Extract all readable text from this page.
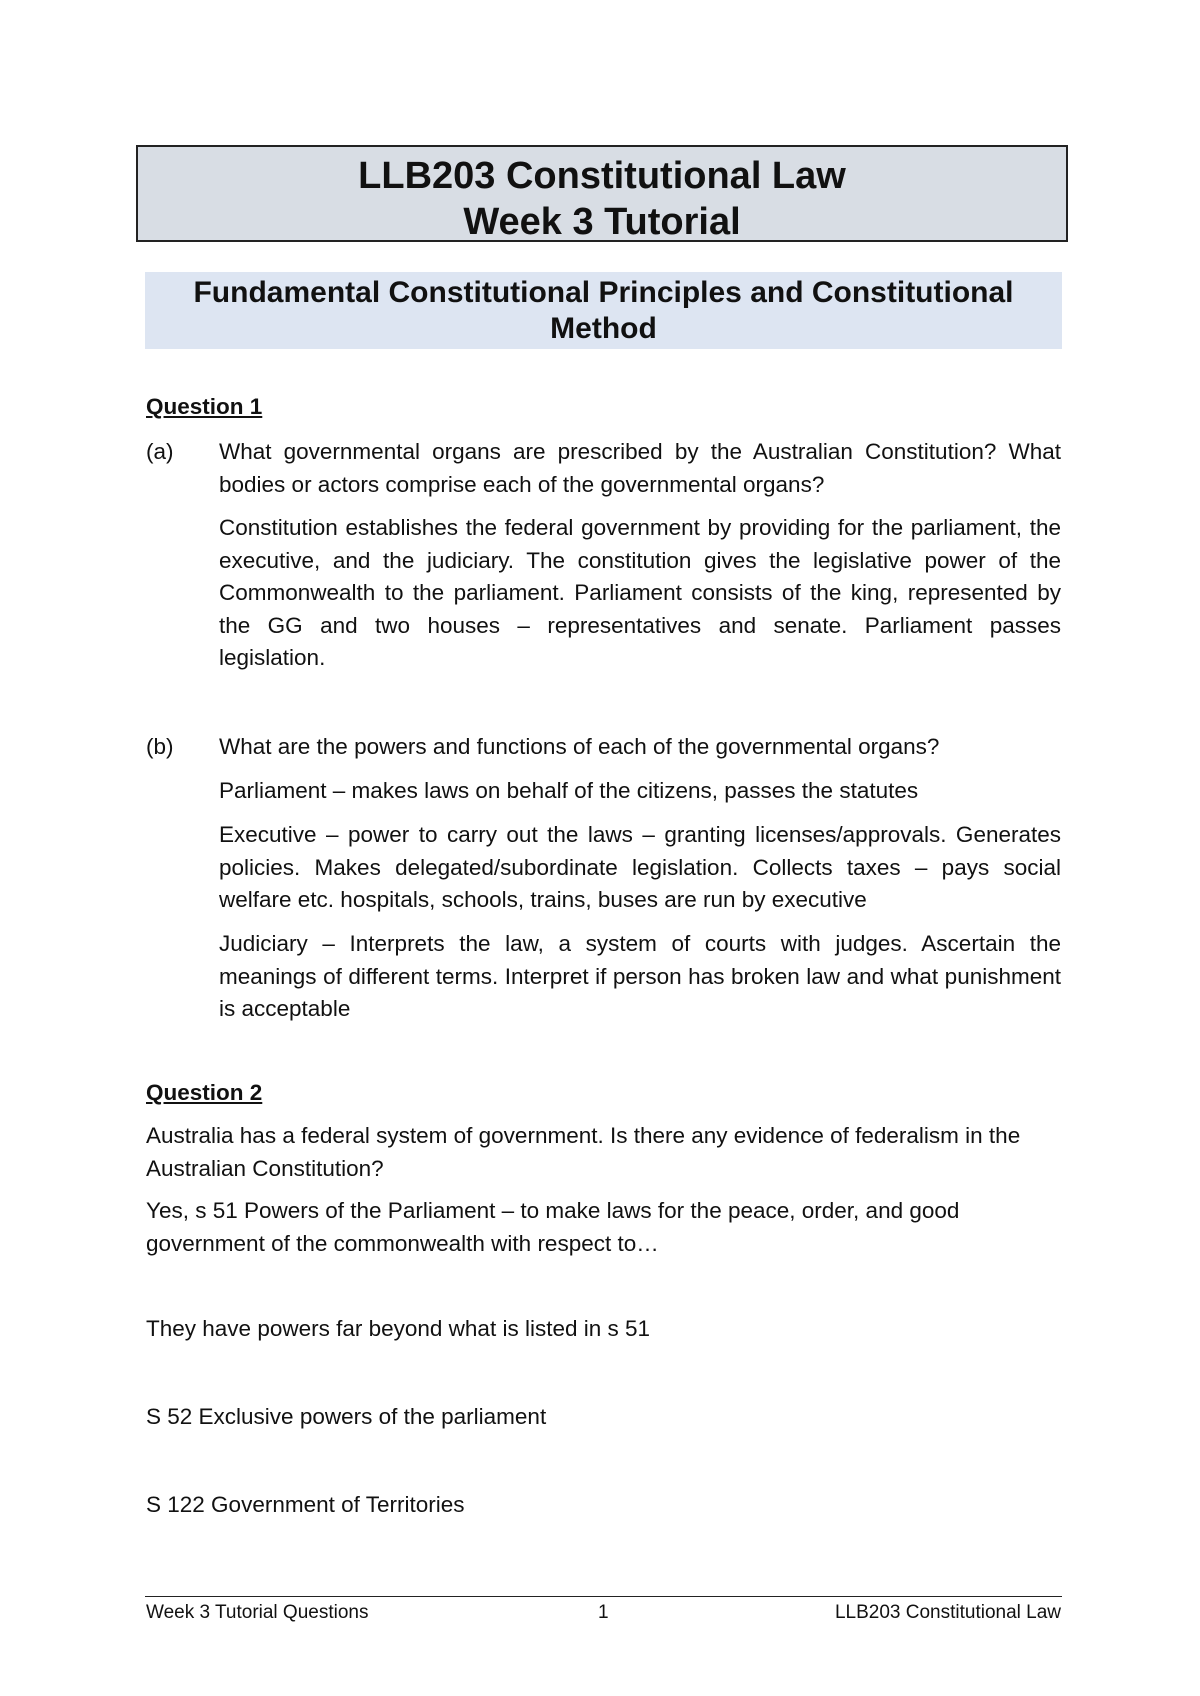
LLB203 Constitutional Law
Week 3 Tutorial
Fundamental Constitutional Principles and Constitutional Method
Question 1
(a) What governmental organs are prescribed by the Australian Constitution? What bodies or actors comprise each of the governmental organs?
Constitution establishes the federal government by providing for the parliament, the executive, and the judiciary. The constitution gives the legislative power of the Commonwealth to the parliament. Parliament consists of the king, represented by the GG and two houses – representatives and senate. Parliament passes legislation.
(b) What are the powers and functions of each of the governmental organs?
Parliament – makes laws on behalf of the citizens, passes the statutes
Executive – power to carry out the laws – granting licenses/approvals. Generates policies. Makes delegated/subordinate legislation. Collects taxes – pays social welfare etc. hospitals, schools, trains, buses are run by executive
Judiciary – Interprets the law, a system of courts with judges. Ascertain the meanings of different terms. Interpret if person has broken law and what punishment is acceptable
Question 2
Australia has a federal system of government. Is there any evidence of federalism in the Australian Constitution?
Yes, s 51 Powers of the Parliament – to make laws for the peace, order, and good government of the commonwealth with respect to…
They have powers far beyond what is listed in s 51
S 52 Exclusive powers of the parliament
S 122 Government of Territories
Week 3 Tutorial Questions	1	LLB203 Constitutional Law
